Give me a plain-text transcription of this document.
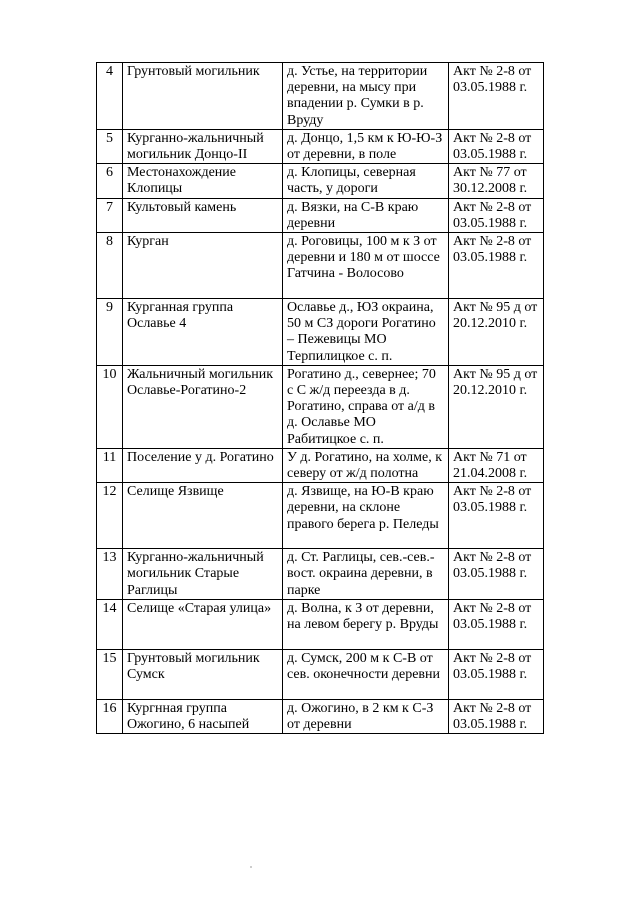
4	Грунтовый могильник	д. Устье, на территории деревни, на мысу при впадении р. Сумки в р. Вруду	Акт № 2-8 от 03.05.1988 г.
5	Курганно-жальничный могильник Донцо-II	д. Донцо, 1,5 км к Ю-Ю-З от деревни, в поле	Акт № 2-8 от 03.05.1988 г.
6	Местонахождение Клопицы	д. Клопицы, северная часть, у дороги	Акт № 77 от 30.12.2008 г.
7	Культовый камень	д. Вязки, на С-В краю деревни	Акт № 2-8 от 03.05.1988 г.
8	Курган	д. Роговицы, 100 м к З от деревни и 180 м от шоссе Гатчина - Волосово	Акт № 2-8 от 03.05.1988 г.
9	Курганная группа Ославье 4	Ославье д., ЮЗ окраина, 50 м СЗ дороги Рогатино – Пежевицы МО Терпилицкое с. п.	Акт № 95 д от 20.12.2010 г.
10	Жальничный могильник Ославье-Рогатино-2	Рогатино д., севернее; 70 с С ж/д переезда в д. Рогатино, справа от а/д в д. Ославье МО Рабитицкое с. п.	Акт № 95 д от 20.12.2010 г.
11	Поселение у д. Рогатино	У д. Рогатино, на холме, к северу от ж/д полотна	Акт № 71 от 21.04.2008 г.
12	Селище Язвище	д. Язвище, на Ю-В краю деревни, на склоне правого берега р. Пеледы	Акт № 2-8 от 03.05.1988 г.
13	Курганно-жальничный могильник Старые Раглицы	д. Ст. Раглицы, сев.-сев.-вост. окраина деревни, в парке	Акт № 2-8 от 03.05.1988 г.
14	Селище «Старая улица»	д. Волна, к З от деревни, на левом берегу р. Вруды	Акт № 2-8 от 03.05.1988 г.
15	Грунтовый могильник Сумск	д. Сумск, 200 м к С-В от сев. оконечности деревни	Акт № 2-8 от 03.05.1988 г.
16	Кургнная группа Ожогино, 6 насыпей	д. Ожогино, в 2 км к С-З от деревни	Акт № 2-8 от 03.05.1988 г.
